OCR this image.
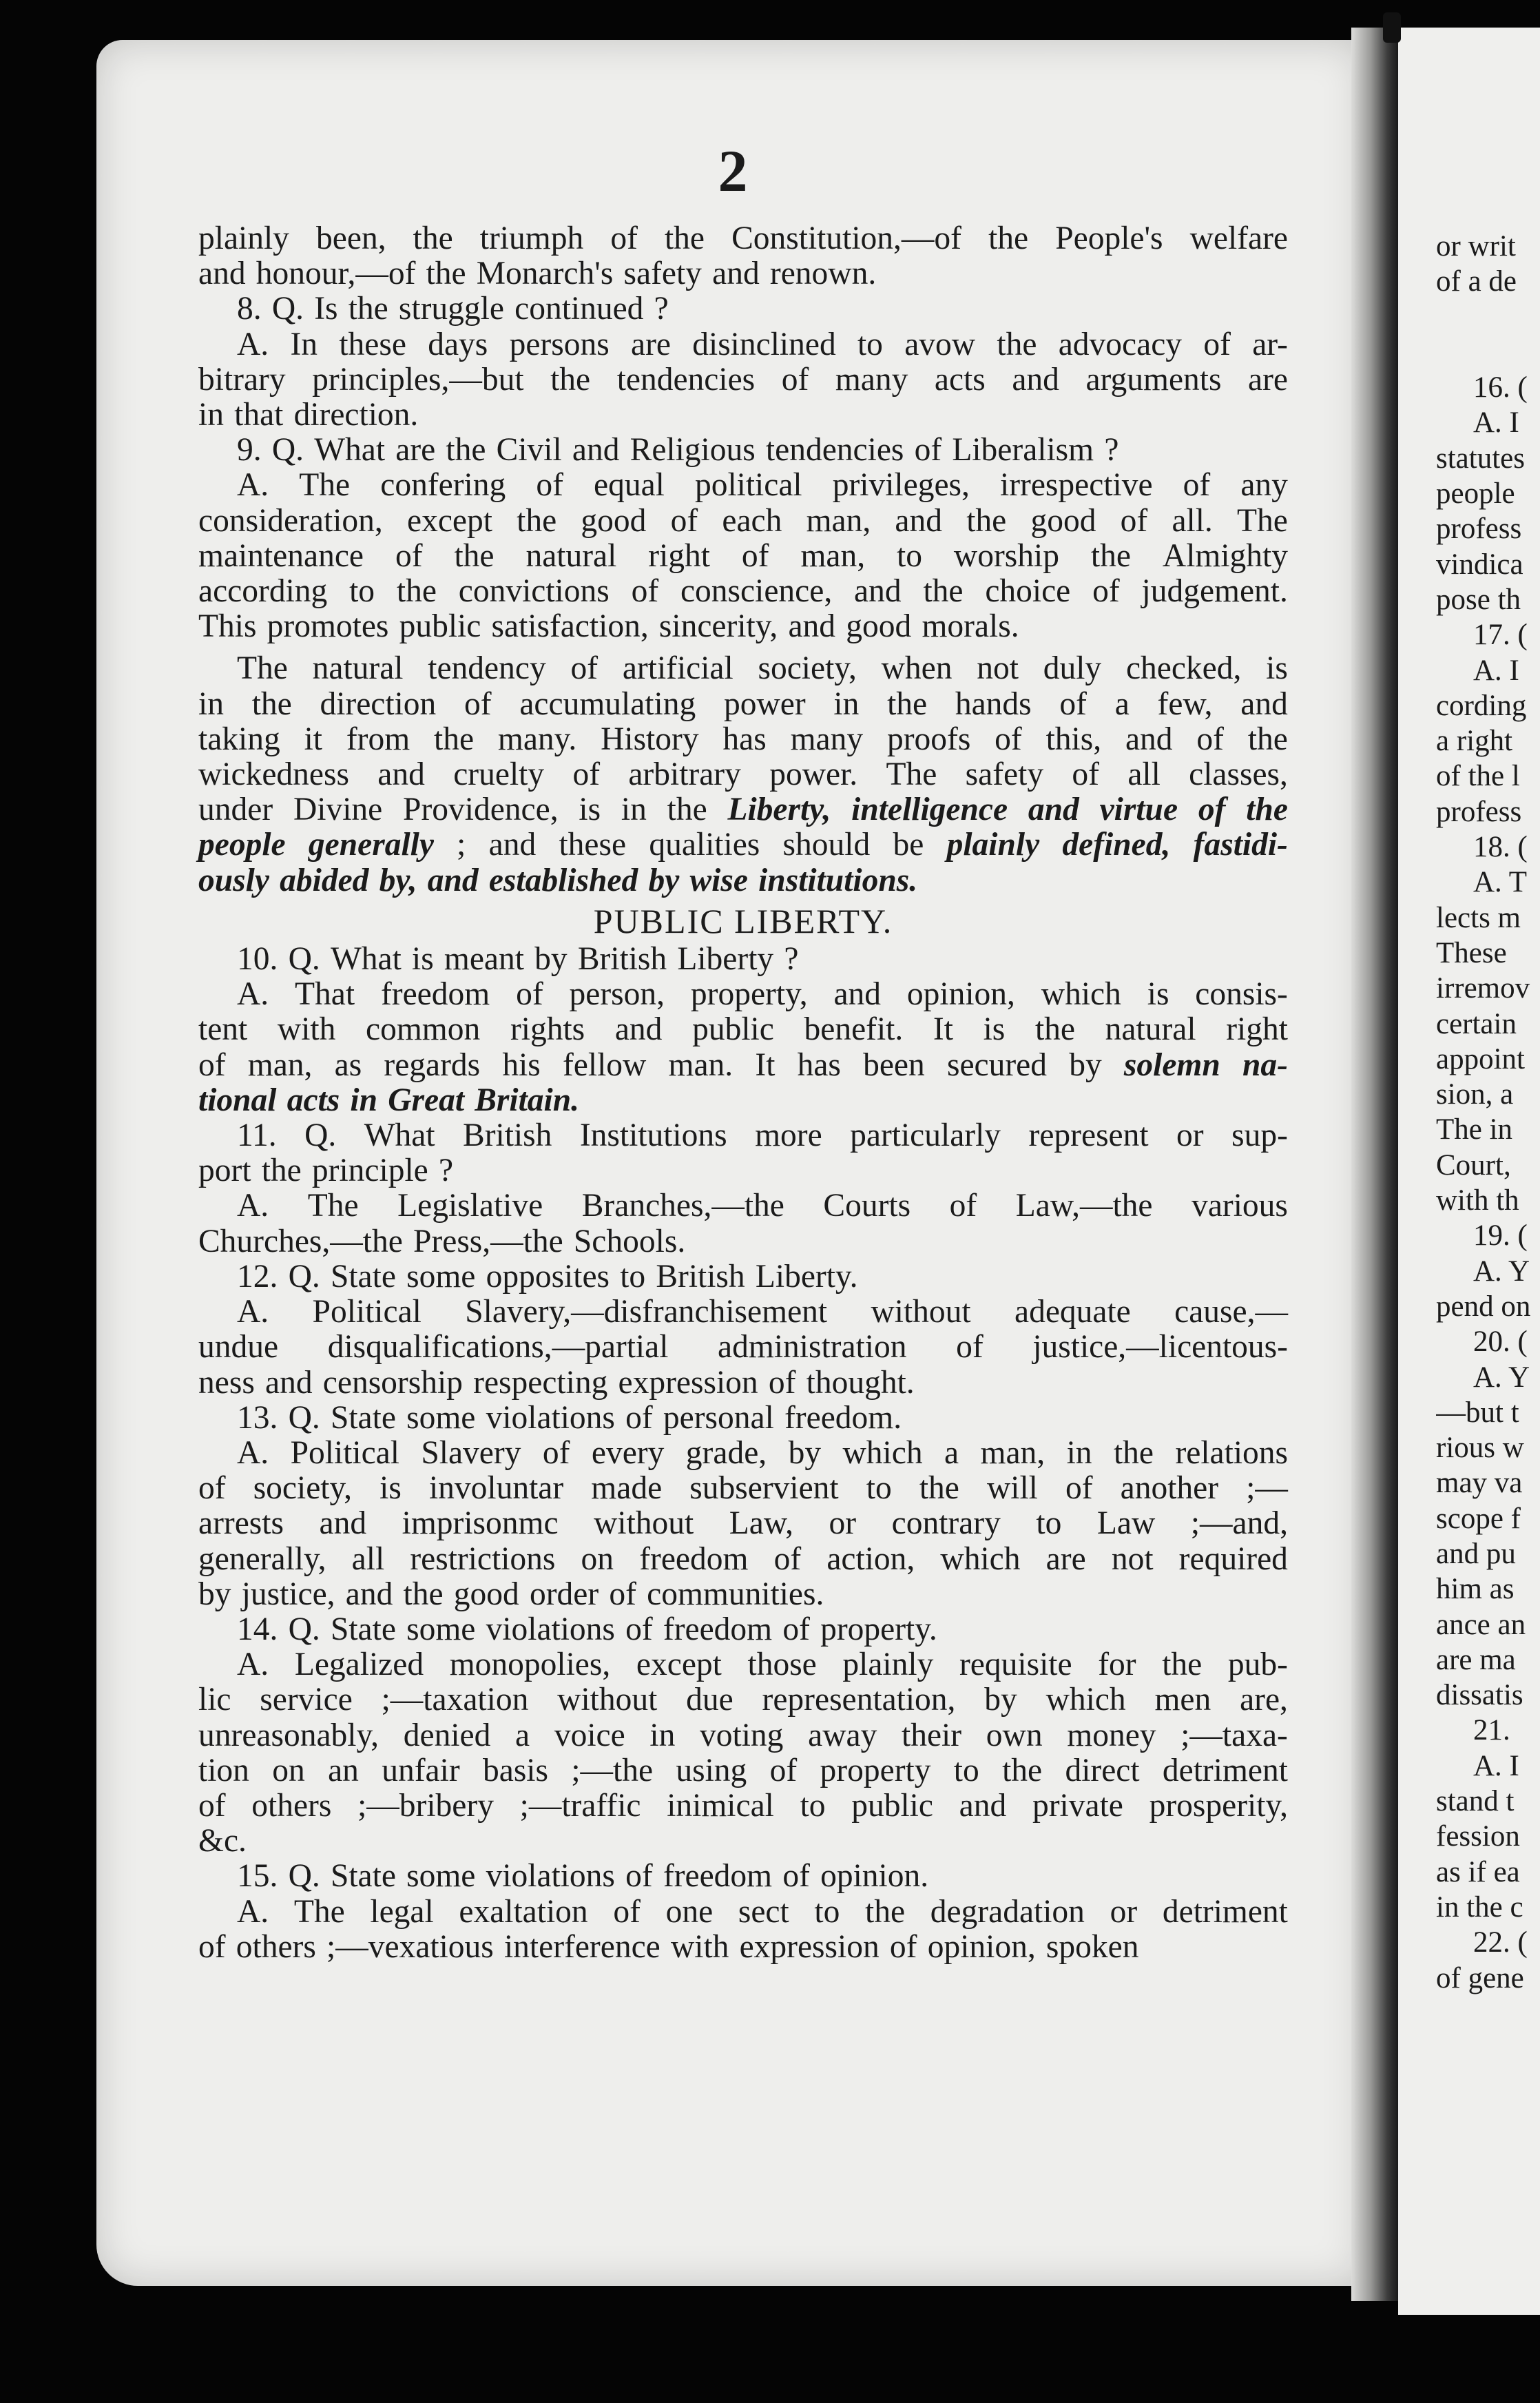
2
plainly been, the triumph of the Constitution,—of the People's welfare
and honour,—of the Monarch's safety and renown.
8. Q. Is the struggle continued ?
A. In these days persons are disinclined to avow the advocacy of ar-
bitrary principles,—but the tendencies of many acts and arguments are
in that direction.
9. Q. What are the Civil and Religious tendencies of Liberalism ?
A. The confering of equal political privileges, irrespective of any
consideration, except the good of each man, and the good of all. The
maintenance of the natural right of man, to worship the Almighty
according to the convictions of conscience, and the choice of judgement.
This promotes public satisfaction, sincerity, and good morals.
The natural tendency of artificial society, when not duly checked, is
in the direction of accumulating power in the hands of a few, and
taking it from the many. History has many proofs of this, and of the
wickedness and cruelty of arbitrary power. The safety of all classes,
under Divine Providence, is in the Liberty, intelligence and virtue of the
people generally ; and these qualities should be plainly defined, fastidi-
ously abided by, and established by wise institutions.
PUBLIC LIBERTY.
10. Q. What is meant by British Liberty ?
A. That freedom of person, property, and opinion, which is consis-
tent with common rights and public benefit. It is the natural right
of man, as regards his fellow man. It has been secured by solemn na-
tional acts in Great Britain.
11. Q. What British Institutions more particularly represent or sup-
port the principle ?
A. The Legislative Branches,—the Courts of Law,—the various
Churches,—the Press,—the Schools.
12. Q. State some opposites to British Liberty.
A. Political Slavery,—disfranchisement without adequate cause,—
undue disqualifications,—partial administration of justice,—licentous-
ness and censorship respecting expression of thought.
13. Q. State some violations of personal freedom.
A. Political Slavery of every grade, by which a man, in the relations
of society, is involuntar made subservient to the will of another ;—
arrests and imprisonmc without Law, or contrary to Law ;—and,
generally, all restrictions on freedom of action, which are not required
by justice, and the good order of communities.
14. Q. State some violations of freedom of property.
A. Legalized monopolies, except those plainly requisite for the pub-
lic service ;—taxation without due representation, by which men are,
unreasonably, denied a voice in voting away their own money ;—taxa-
tion on an unfair basis ;—the using of property to the direct detriment
of others ;—bribery ;—traffic inimical to public and private prosperity,
&c.
15. Q. State some violations of freedom of opinion.
A. The legal exaltation of one sect to the degradation or detriment
of others ;—vexatious interference with expression of opinion, spoken
or writ
of a de
16. (
A. I
statutes
people
profess
vindica
pose th
17. (
A. I
cording
a right
of the l
profess
18. (
A. T
lects m
These
irremov
certain
appoint
sion, a
The in
Court,
with th
19. (
A. Y
pend on
20. (
A. Y
—but t
rious w
may va
scope f
and pu
him as
ance an
are ma
dissatis
21.
A. I
stand t
fession
as if ea
in the c
22. (
of gene
